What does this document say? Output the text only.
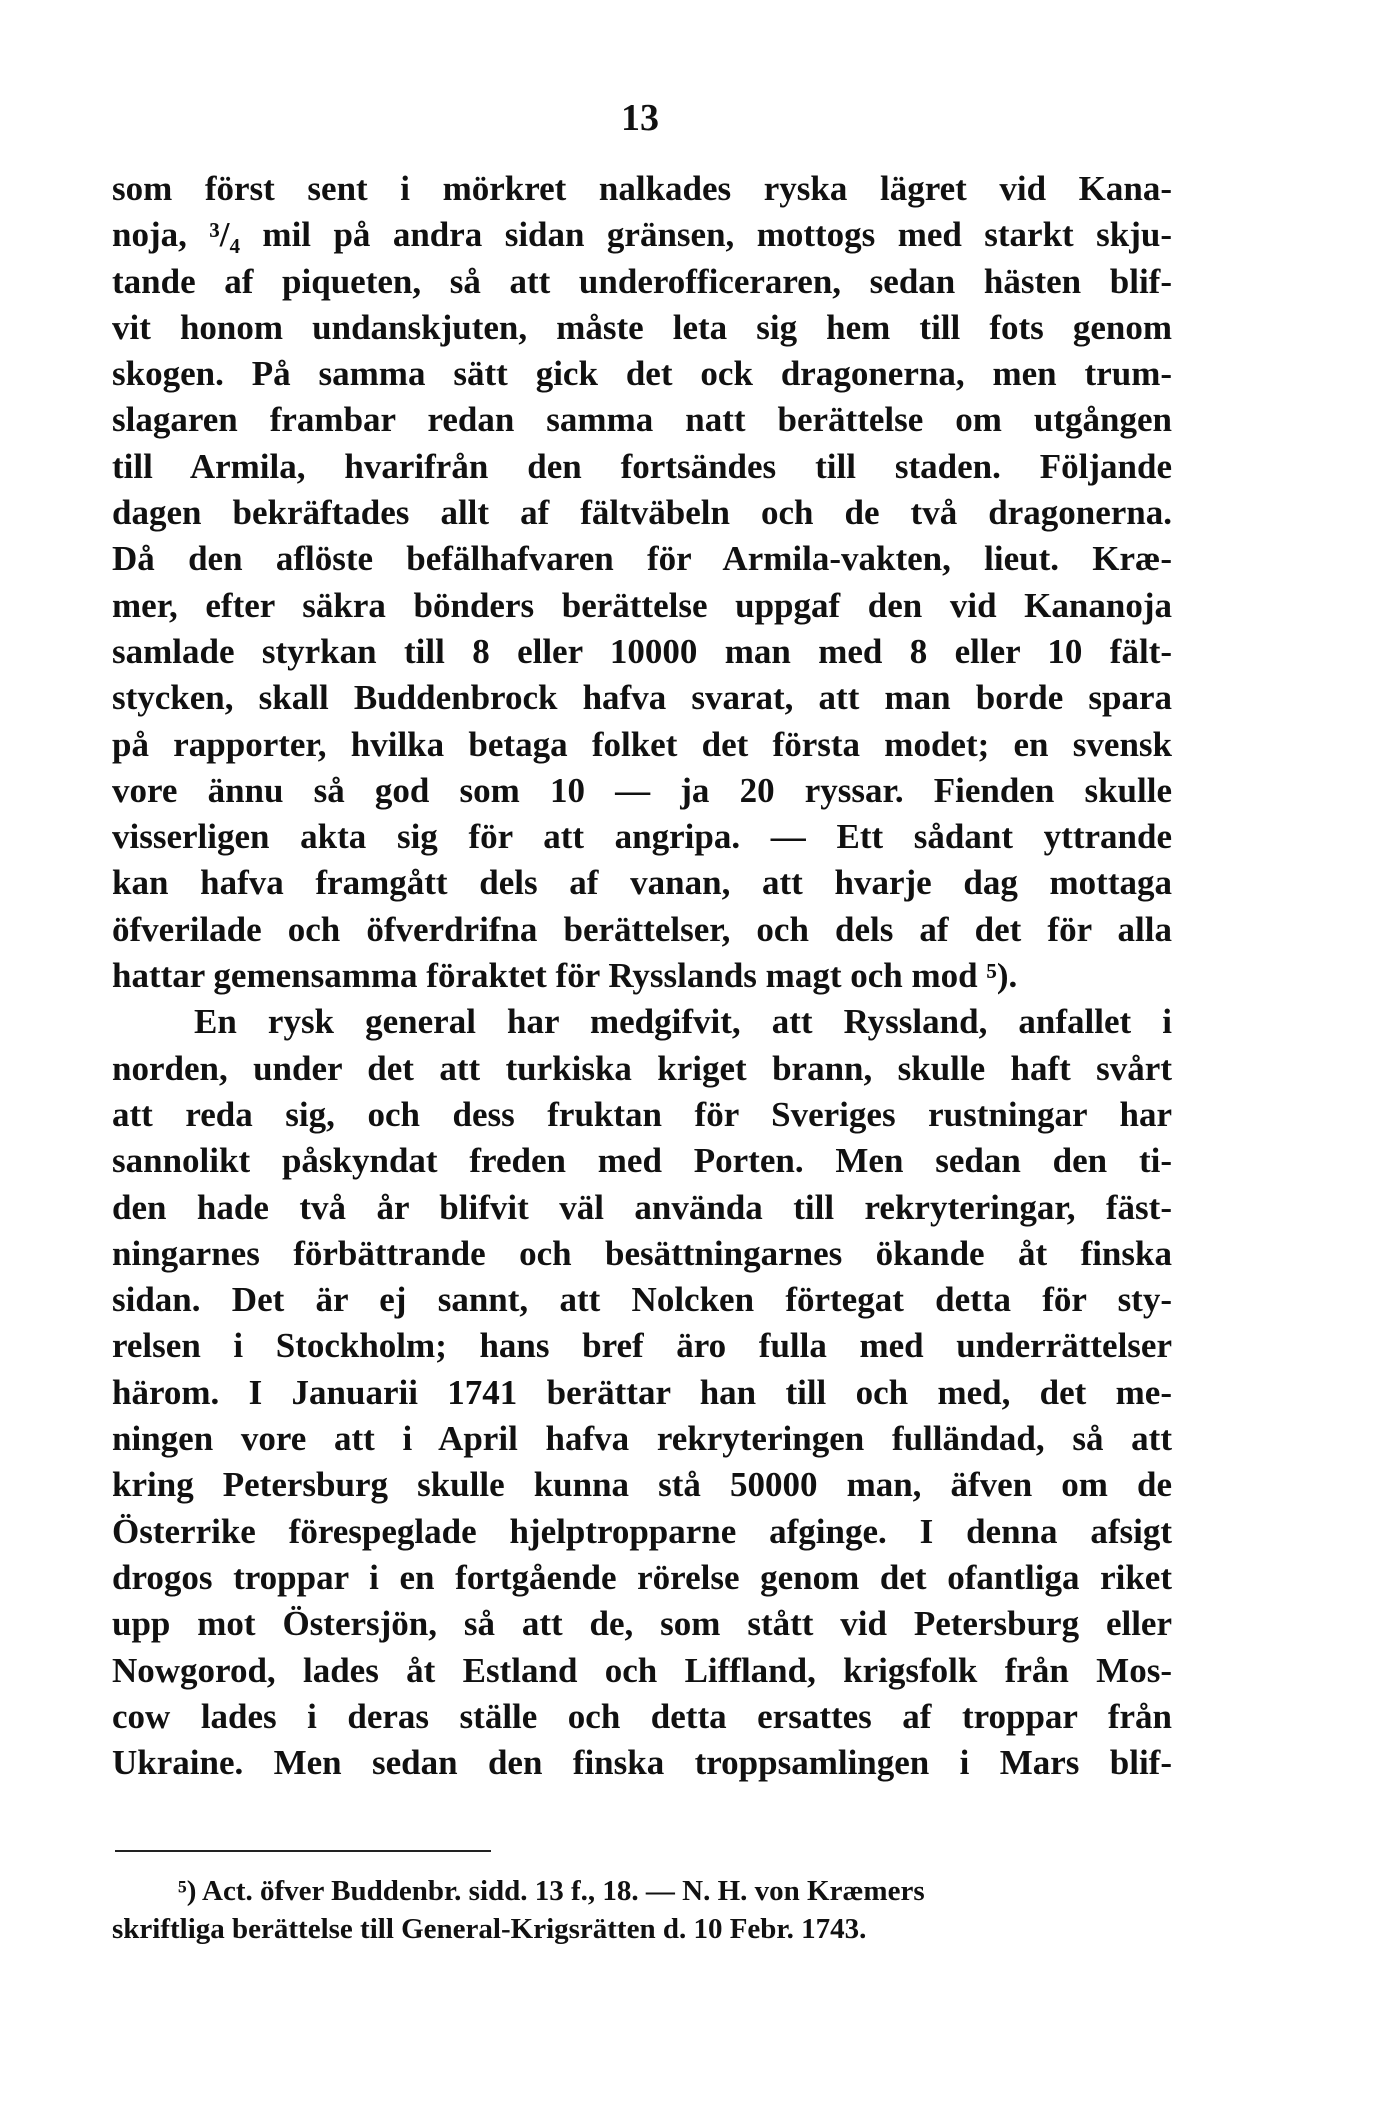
13
som först sent i mörkret nalkades ryska lägret vid Kana-
noja, ³/₄ mil på andra sidan gränsen, mottogs med starkt skju-
tande af piqueten, så att underofficeraren, sedan hästen blif-
vit honom undanskjuten, måste leta sig hem till fots genom
skogen. På samma sätt gick det ock dragonerna, men trum-
slagaren frambar redan samma natt berättelse om utgången
till Armila, hvarifrån den fortsändes till staden. Följande
dagen bekräftades allt af fältväbeln och de två dragonerna.
Då den aflöste befälhafvaren för Armila-vakten, lieut. Kræ-
mer, efter säkra bönders berättelse uppgaf den vid Kananoja
samlade styrkan till 8 eller 10000 man med 8 eller 10 fält-
stycken, skall Buddenbrock hafva svarat, att man borde spara
på rapporter, hvilka betaga folket det första modet; en svensk
vore ännu så god som 10 — ja 20 ryssar. Fienden skulle
visserligen akta sig för att angripa. — Ett sådant yttrande
kan hafva framgått dels af vanan, att hvarje dag mottaga
öfverilade och öfverdrifna berättelser, och dels af det för alla
hattar gemensamma föraktet för Rysslands magt och mod ⁵).
En rysk general har medgifvit, att Ryssland, anfallet i
norden, under det att turkiska kriget brann, skulle haft svårt
att reda sig, och dess fruktan för Sveriges rustningar har
sannolikt påskyndat freden med Porten. Men sedan den ti-
den hade två år blifvit väl använda till rekryteringar, fäst-
ningarnes förbättrande och besättningarnes ökande åt finska
sidan. Det är ej sannt, att Nolcken förtegat detta för sty-
relsen i Stockholm; hans bref äro fulla med underrättelser
härom. I Januarii 1741 berättar han till och med, det me-
ningen vore att i April hafva rekryteringen fulländad, så att
kring Petersburg skulle kunna stå 50000 man, äfven om de
Österrike förespeglade hjelptropparne afginge. I denna afsigt
drogos troppar i en fortgående rörelse genom det ofantliga riket
upp mot Östersjön, så att de, som stått vid Petersburg eller
Nowgorod, lades åt Estland och Liffland, krigsfolk från Mos-
cow lades i deras ställe och detta ersattes af troppar från
Ukraine. Men sedan den finska troppsamlingen i Mars blif-
⁵) Act. öfver Buddenbr. sidd. 13 f., 18. — N. H. von Kræmers
skriftliga berättelse till General-Krigsrätten d. 10 Febr. 1743.
